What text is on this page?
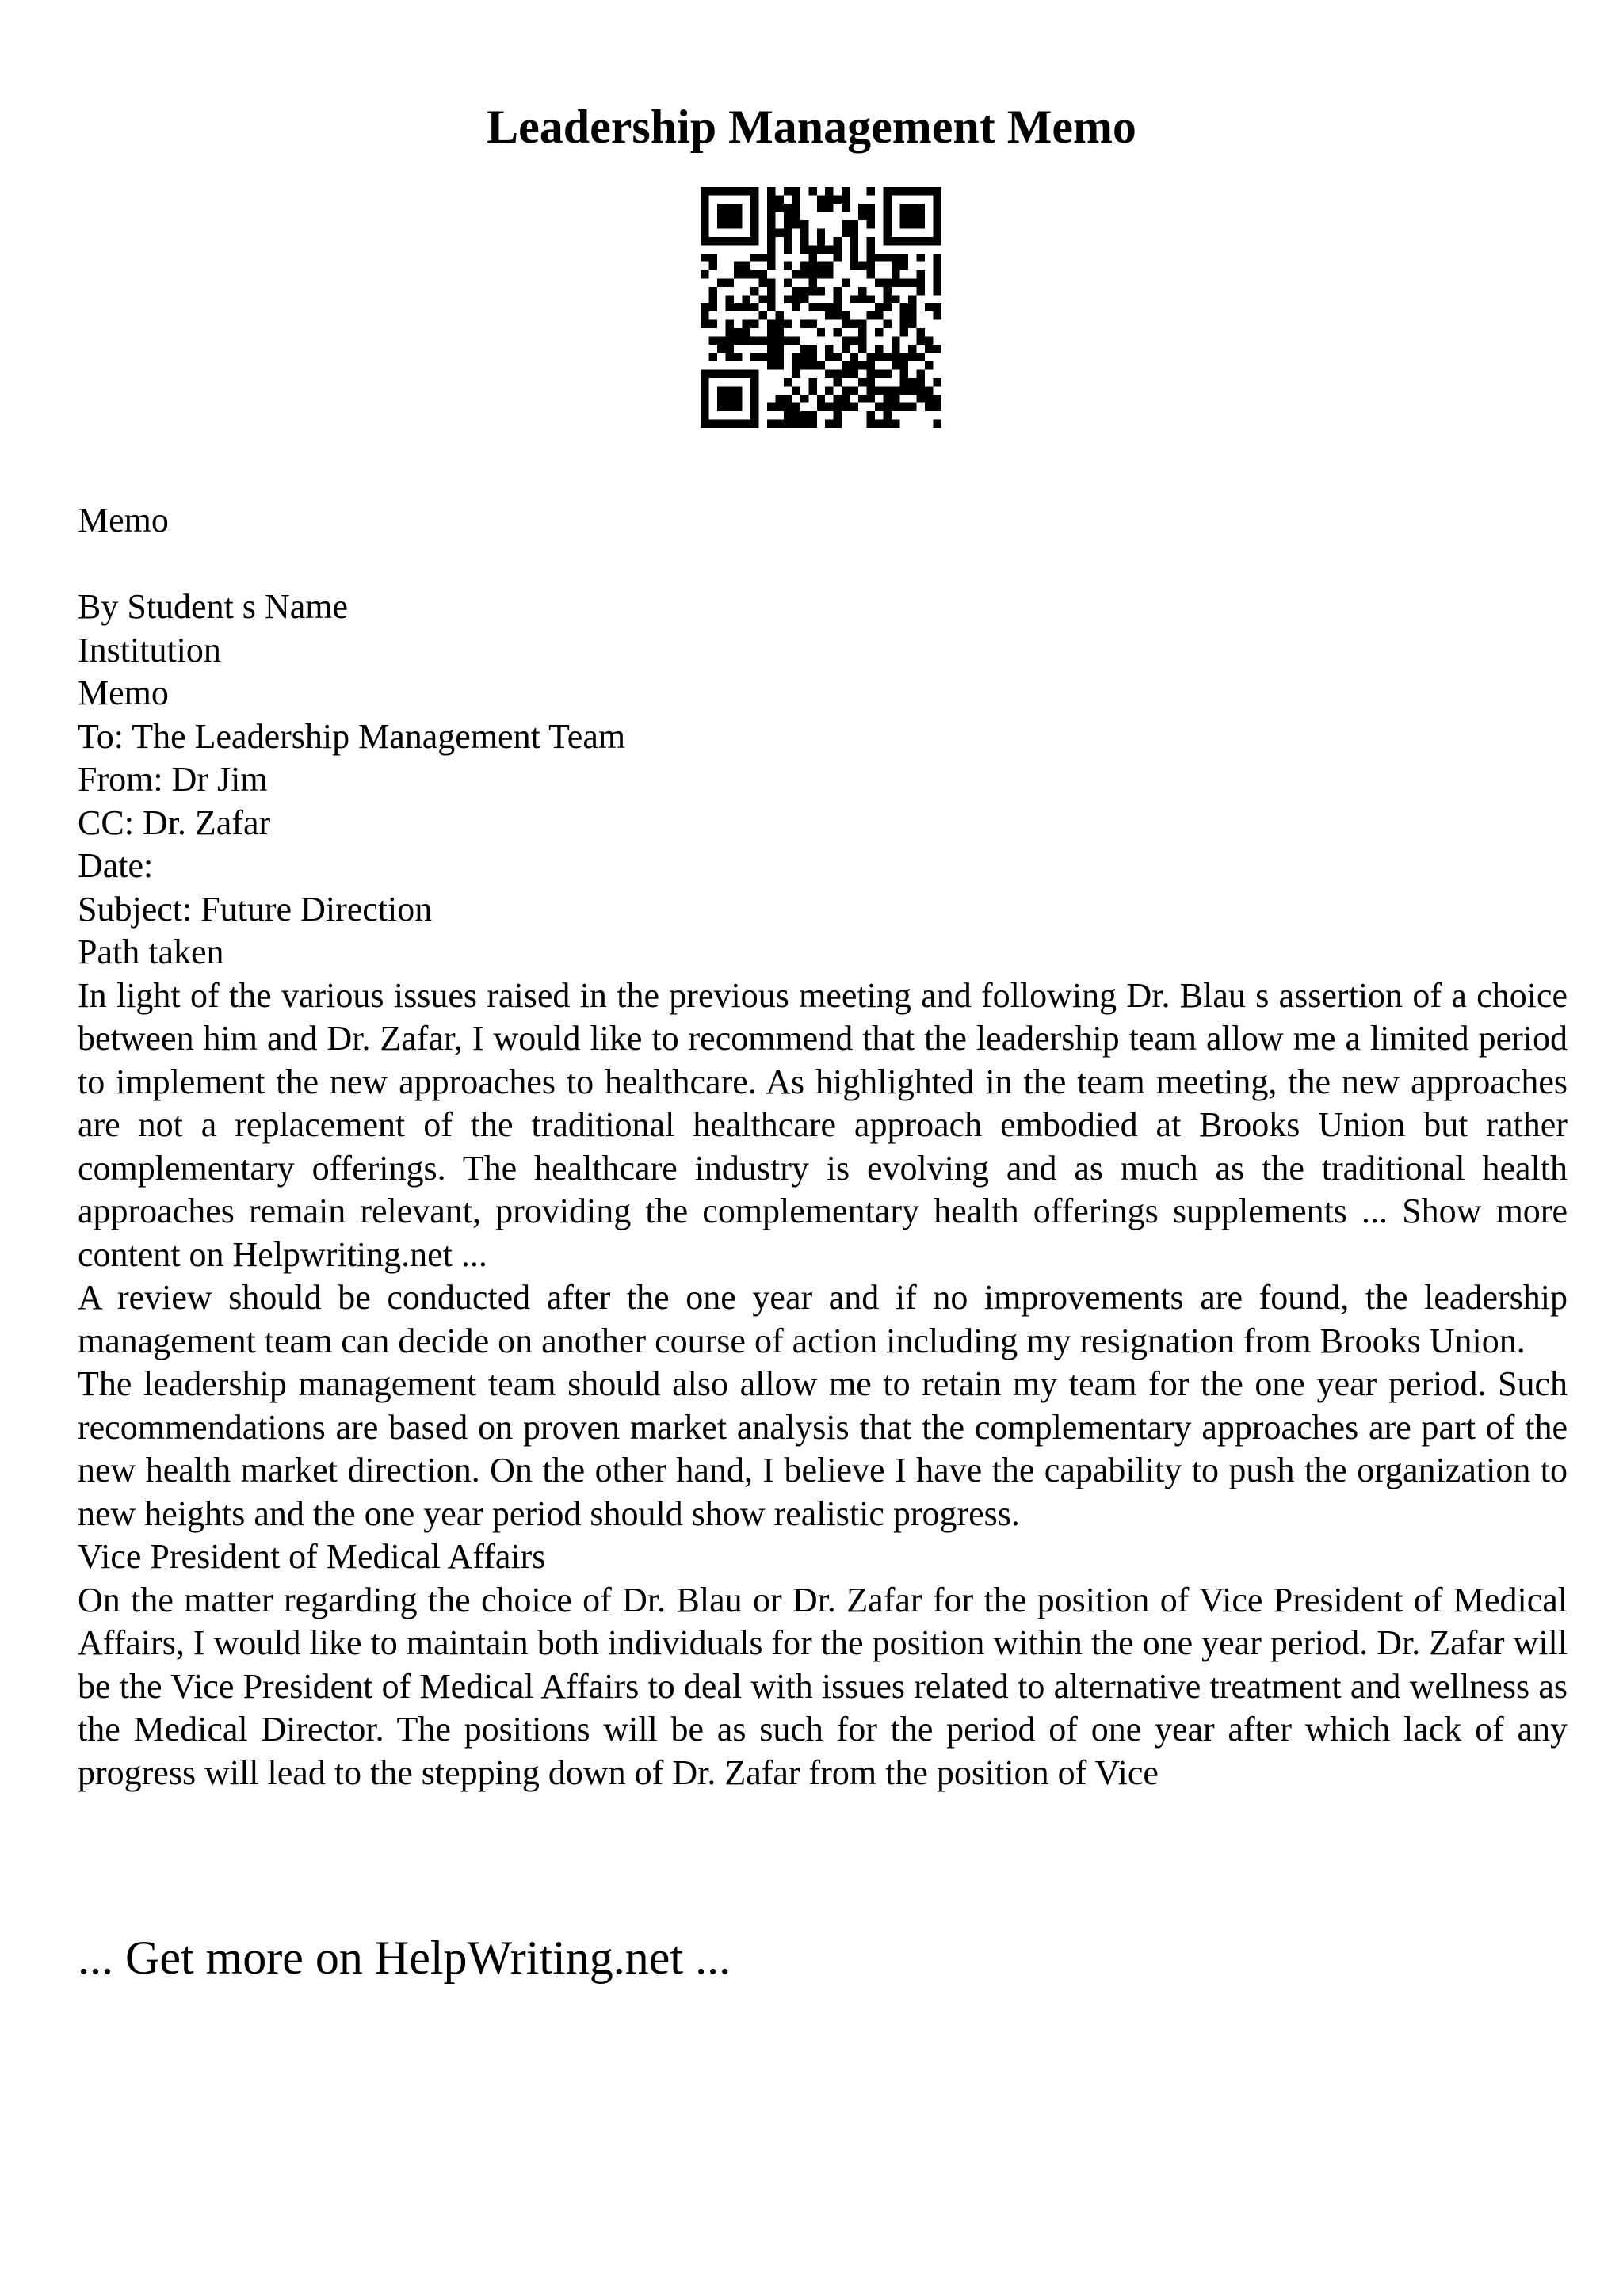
Leadership Management Memo

Memo

By Student s Name
Institution
Memo
To: The Leadership Management Team
From: Dr Jim
CC: Dr. Zafar
Date:
Subject: Future Direction
Path taken
In light of the various issues raised in the previous meeting and following Dr. Blau s assertion of a choice between him and Dr. Zafar, I would like to recommend that the leadership team allow me a limited period to implement the new approaches to healthcare. As highlighted in the team meeting, the new approaches are not a replacement of the traditional healthcare approach embodied at Brooks Union but rather complementary offerings. The healthcare industry is evolving and as much as the traditional health approaches remain relevant, providing the complementary health offerings supplements ... Show more content on Helpwriting.net ...
A review should be conducted after the one year and if no improvements are found, the leadership management team can decide on another course of action including my resignation from Brooks Union.
The leadership management team should also allow me to retain my team for the one year period. Such recommendations are based on proven market analysis that the complementary approaches are part of the new health market direction. On the other hand, I believe I have the capability to push the organization to new heights and the one year period should show realistic progress.
Vice President of Medical Affairs
On the matter regarding the choice of Dr. Blau or Dr. Zafar for the position of Vice President of Medical Affairs, I would like to maintain both individuals for the position within the one year period. Dr. Zafar will be the Vice President of Medical Affairs to deal with issues related to alternative treatment and wellness as the Medical Director. The positions will be as such for the period of one year after which lack of any progress will lead to the stepping down of Dr. Zafar from the position of Vice

... Get more on HelpWriting.net ...
